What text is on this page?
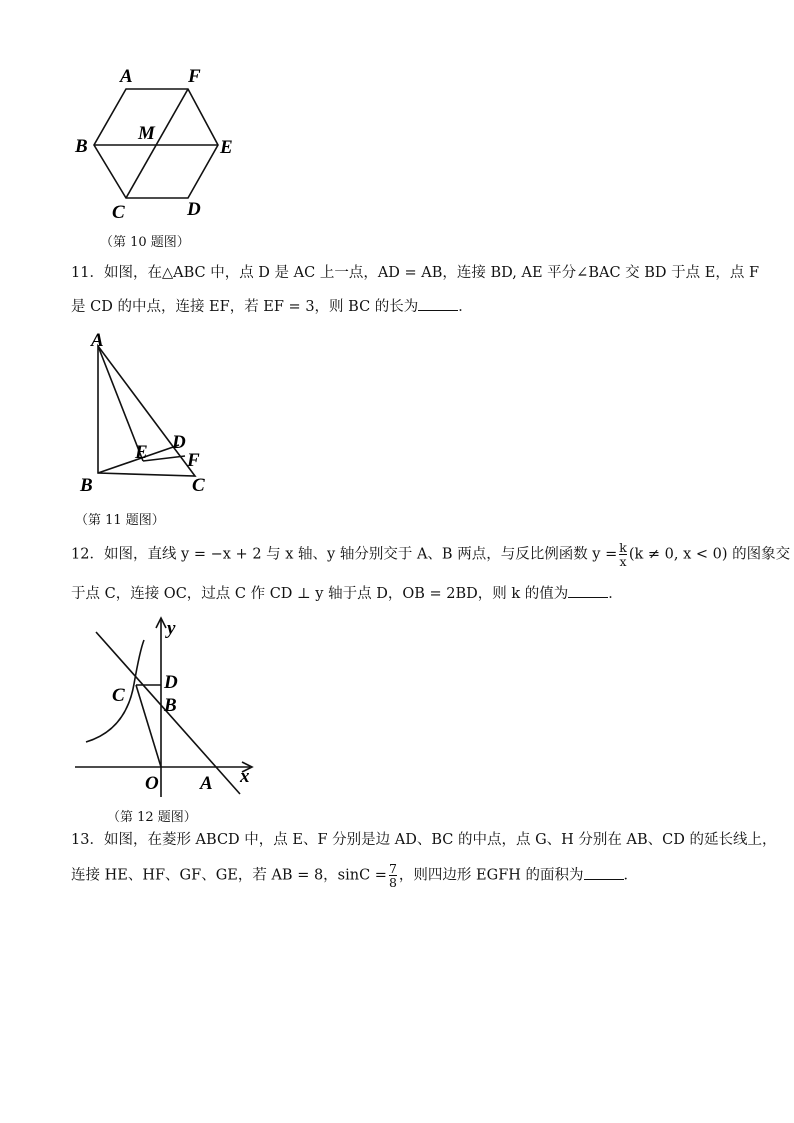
A	F
B
M
E
C	D
（第 10 题图）
11．如图，在△ABC 中，点 D 是 AC 上一点，AD = AB，连接 BD, AE 平分∠BAC 交 BD 于点 E，点 F
是 CD 的中点，连接 EF，若 EF = 3，则 BC 的长为	．
A
E D
F
B	C
（第 11 题图）
12．如图，直线 y = −x + 2 与 x 轴、y 轴分别交于 A、B 两点，与反比例函数 $y = \frac{k}{x} (k \ne 0$, x < 0) 的图象交
于点 C，连接 OC，过点 C 作 CD ⊥ y 轴于点 D，OB = 2BD，则 k 的值为	．
y
C
D
B
O A x
（第 12 题图）
13．如图，在菱形 ABCD 中，点 E、F 分别是边 AD、BC 的中点，点 G、H 分别在 AB、CD 的延长线上，
连接 HE、HF、GF、GE，若 AB = 8，$\sin C = \frac{7}{8}$ ，则四边形 EGFH 的面积为	．
